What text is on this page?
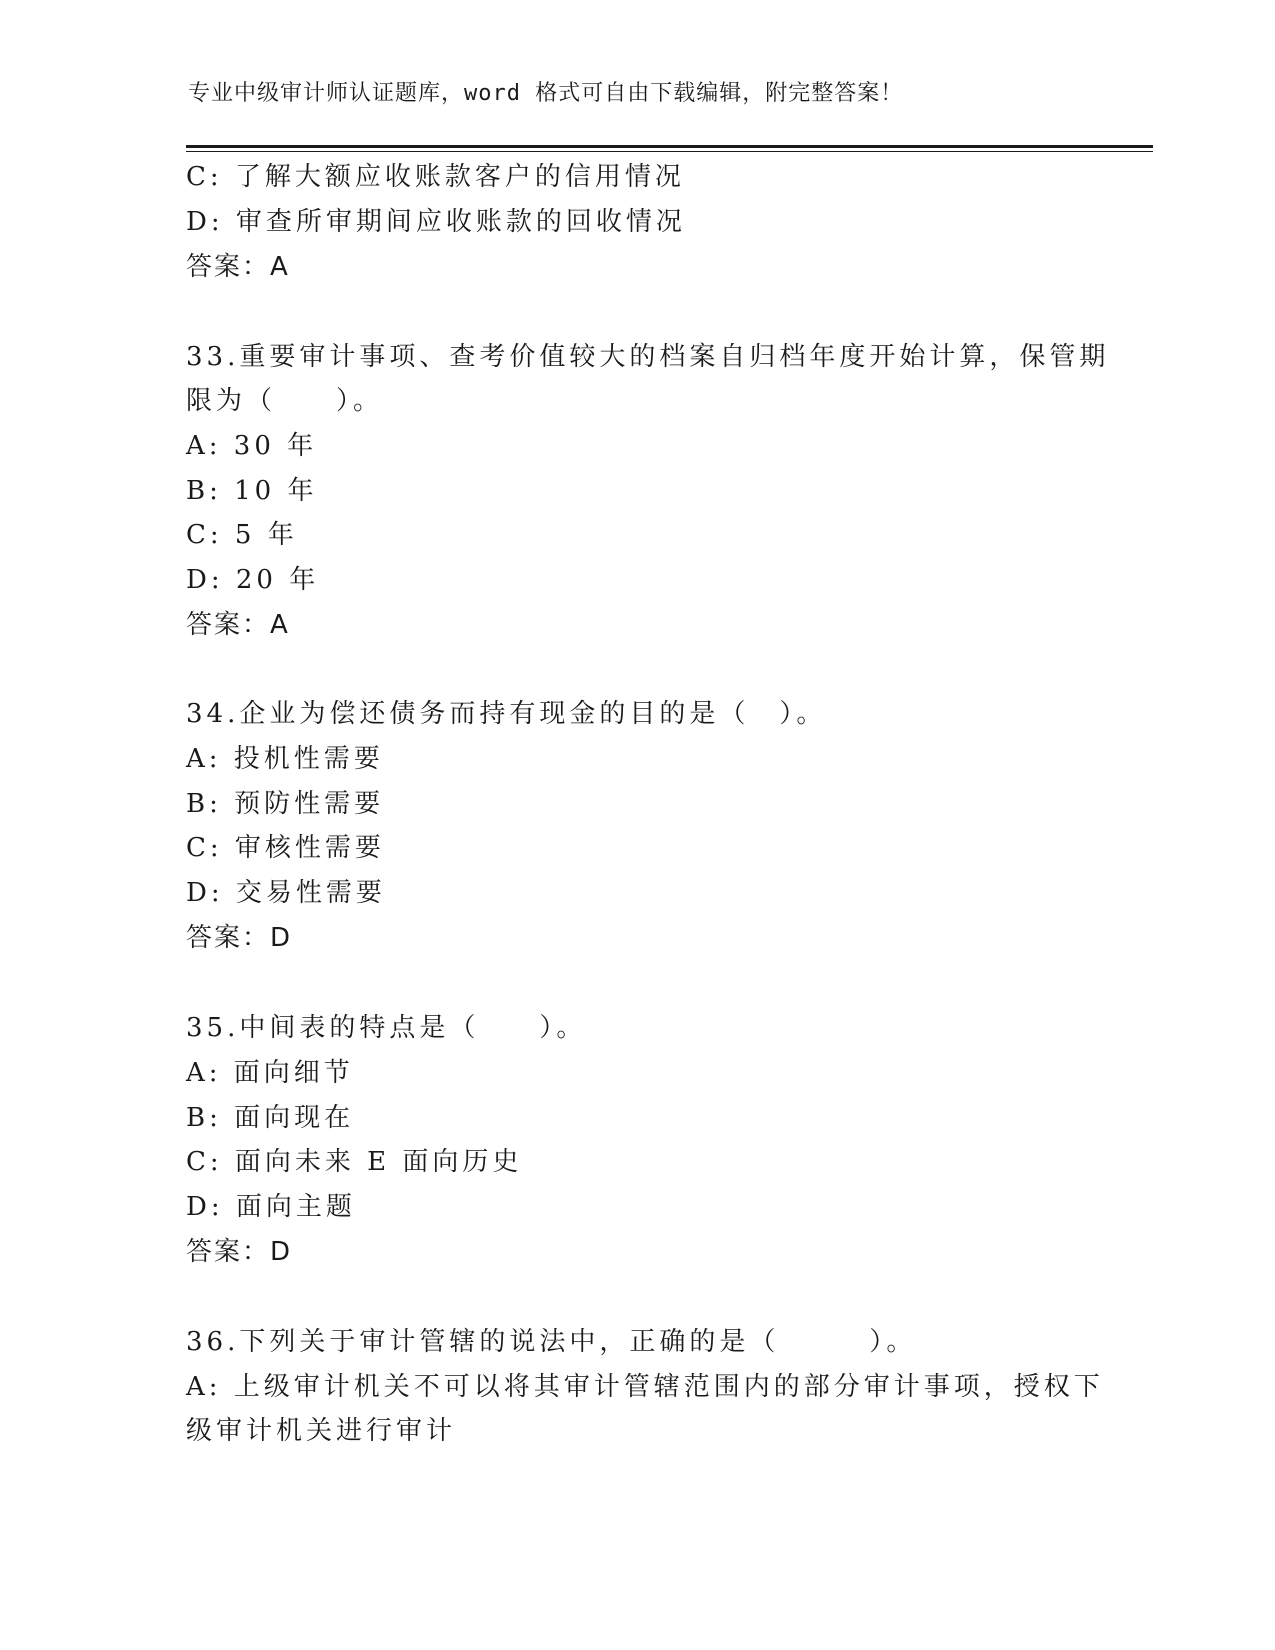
专业中级审计师认证题库，word 格式可自由下载编辑，附完整答案！
C: 了解大额应收账款客户的信用情况
D: 审查所审期间应收账款的回收情况
答案：A
33.重要审计事项、查考价值较大的档案自归档年度开始计算，保管期
限为（　　）。
A: 30 年
B: 10 年
C: 5 年
D: 20 年
答案：A
34.企业为偿还债务而持有现金的目的是（　）。
A: 投机性需要
B: 预防性需要
C: 审核性需要
D: 交易性需要
答案：D
35.中间表的特点是（　　）。
A: 面向细节
B: 面向现在
C: 面向未来 E 面向历史
D: 面向主题
答案：D
36.下列关于审计管辖的说法中，正确的是（　　　）。
A: 上级审计机关不可以将其审计管辖范围内的部分审计事项，授权下
级审计机关进行审计
